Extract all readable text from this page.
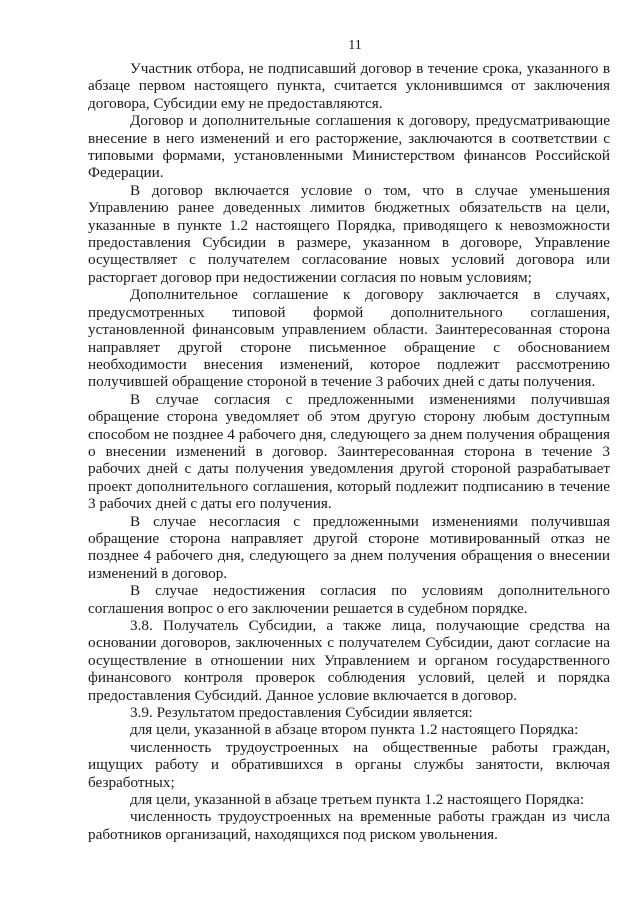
11

Участник отбора, не подписавший договор в течение срока, указанного в абзаце первом настоящего пункта, считается уклонившимся от заключения договора, Субсидии ему не предоставляются.

Договор и дополнительные соглашения к договору, предусматривающие внесение в него изменений и его расторжение, заключаются в соответствии с типовыми формами, установленными Министерством финансов Российской Федерации.

В договор включается условие о том, что в случае уменьшения Управлению ранее доведенных лимитов бюджетных обязательств на цели, указанные в пункте 1.2 настоящего Порядка, приводящего к невозможности предоставления Субсидии в размере, указанном в договоре, Управление осуществляет с получателем согласование новых условий договора или расторгает договор при недостижении согласия по новым условиям;

Дополнительное соглашение к договору заключается в случаях, предусмотренных типовой формой дополнительного соглашения, установленной финансовым управлением области. Заинтересованная сторона направляет другой стороне письменное обращение с обоснованием необходимости внесения изменений, которое подлежит рассмотрению получившей обращение стороной в течение 3 рабочих дней с даты получения.

В случае согласия с предложенными изменениями получившая обращение сторона уведомляет об этом другую сторону любым доступным способом не позднее 4 рабочего дня, следующего за днем получения обращения о внесении изменений в договор. Заинтересованная сторона в течение 3 рабочих дней с даты получения уведомления другой стороной разрабатывает проект дополнительного соглашения, который подлежит подписанию в течение 3 рабочих дней с даты его получения.

В случае несогласия с предложенными изменениями получившая обращение сторона направляет другой стороне мотивированный отказ не позднее 4 рабочего дня, следующего за днем получения обращения о внесении изменений в договор.

В случае недостижения согласия по условиям дополнительного соглашения вопрос о его заключении решается в судебном порядке.

3.8. Получатель Субсидии, а также лица, получающие средства на основании договоров, заключенных с получателем Субсидии, дают согласие на осуществление в отношении них Управлением и органом государственного финансового контроля проверок соблюдения условий, целей и порядка предоставления Субсидий. Данное условие включается в договор.

3.9. Результатом предоставления Субсидии является:

для цели, указанной в абзаце втором пункта 1.2 настоящего Порядка:

численность трудоустроенных на общественные работы граждан, ищущих работу и обратившихся в органы службы занятости, включая безработных;

для цели, указанной в абзаце третьем пункта 1.2 настоящего Порядка:

численность трудоустроенных на временные работы граждан из числа работников организаций, находящихся под риском увольнения.
